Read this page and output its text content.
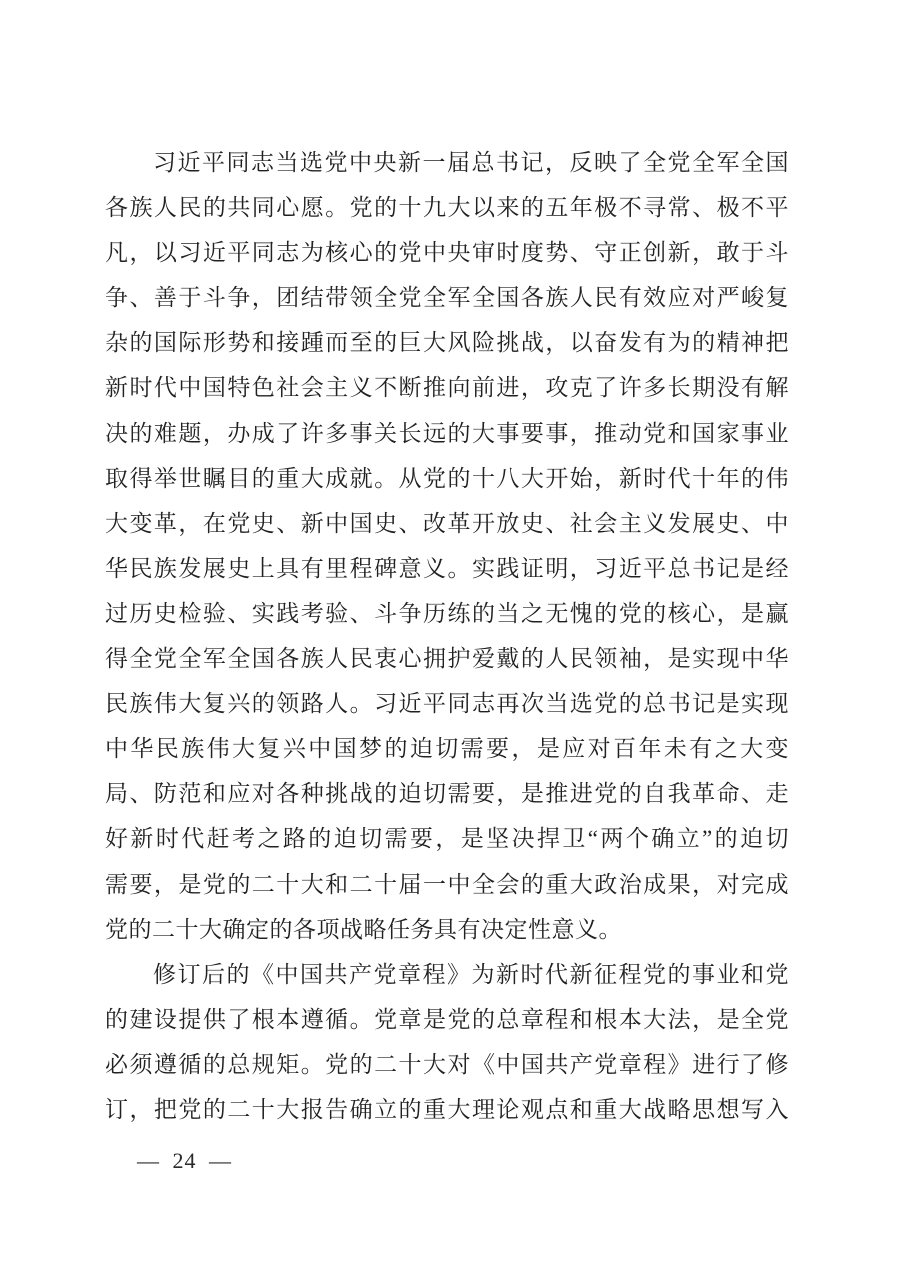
习近平同志当选党中央新一届总书记，反映了全党全军全国
各族人民的共同心愿。党的十九大以来的五年极不寻常、极不平
凡，以习近平同志为核心的党中央审时度势、守正创新，敢于斗
争、善于斗争，团结带领全党全军全国各族人民有效应对严峻复
杂的国际形势和接踵而至的巨大风险挑战，以奋发有为的精神把
新时代中国特色社会主义不断推向前进，攻克了许多长期没有解
决的难题，办成了许多事关长远的大事要事，推动党和国家事业
取得举世瞩目的重大成就。从党的十八大开始，新时代十年的伟
大变革，在党史、新中国史、改革开放史、社会主义发展史、中
华民族发展史上具有里程碑意义。实践证明，习近平总书记是经
过历史检验、实践考验、斗争历练的当之无愧的党的核心，是赢
得全党全军全国各族人民衷心拥护爱戴的人民领袖，是实现中华
民族伟大复兴的领路人。习近平同志再次当选党的总书记是实现
中华民族伟大复兴中国梦的迫切需要，是应对百年未有之大变
局、防范和应对各种挑战的迫切需要，是推进党的自我革命、走
好新时代赶考之路的迫切需要，是坚决捍卫“两个确立”的迫切
需要，是党的二十大和二十届一中全会的重大政治成果，对完成
党的二十大确定的各项战略任务具有决定性意义。
修订后的《中国共产党章程》为新时代新征程党的事业和党
的建设提供了根本遵循。党章是党的总章程和根本大法，是全党
必须遵循的总规矩。党的二十大对《中国共产党章程》进行了修
订，把党的二十大报告确立的重大理论观点和重大战略思想写入
— 24 —
